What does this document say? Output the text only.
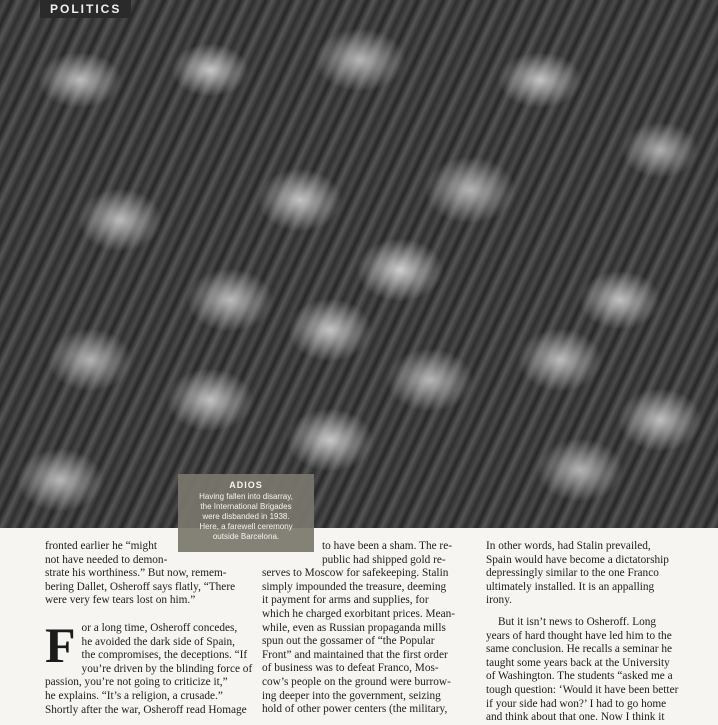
POLITICS
ADIOS
Having fallen into disarray,
the International Brigades
were disbanded in 1938.
Here, a farewell ceremony
outside Barcelona.

fronted earlier he “might
not have needed to demon-
strate his worthiness.” But now, remem-
bering Dallet, Osheroff says flatly, “There
were very few tears lost on him.”

F or a long time, Osheroff concedes,
he avoided the dark side of Spain,
the compromises, the deceptions. “If
you’re driven by the blinding force of
passion, you’re not going to criticize it,”
he explains. “It’s a religion, a crusade.”
Shortly after the war, Osheroff read Homage

to have been a sham. The re-
public had shipped gold re-
serves to Moscow for safekeeping. Stalin
simply impounded the treasure, deeming
it payment for arms and supplies, for
which he charged exorbitant prices. Mean-
while, even as Russian propaganda mills
spun out the gossamer of “the Popular
Front” and maintained that the first order
of business was to defeat Franco, Mos-
cow’s people on the ground were burrow-
ing deeper into the government, seizing
hold of other power centers (the military,

In other words, had Stalin prevailed,
Spain would have become a dictatorship
depressingly similar to the one Franco
ultimately installed. It is an appalling
irony.

But it isn’t news to Osheroff. Long
years of hard thought have led him to the
same conclusion. He recalls a seminar he
taught some years back at the University
of Washington. The students “asked me a
tough question: ‘Would it have been better
if your side had won?’ I had to go home
and think about that one. Now I think it
